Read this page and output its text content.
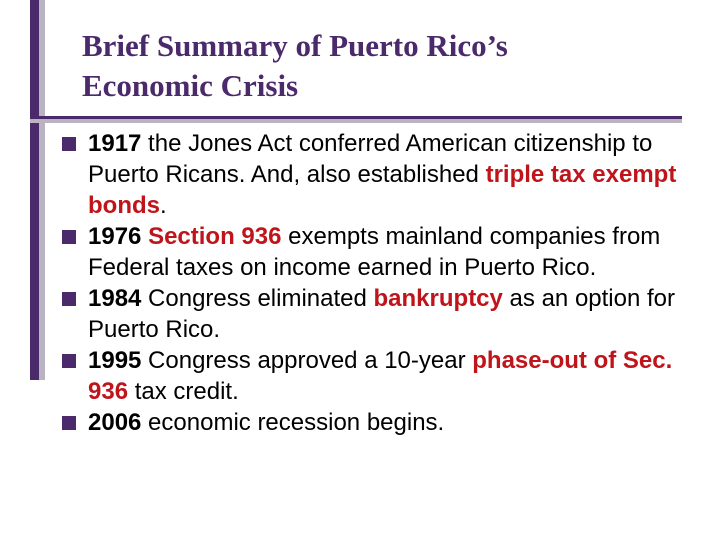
Brief Summary of Puerto Rico’s
Economic Crisis
1917 the Jones Act conferred American citizenship to Puerto Ricans. And, also established triple tax exempt bonds.
1976 Section 936 exempts mainland companies from Federal taxes on income earned in Puerto Rico.
1984 Congress eliminated bankruptcy as an option for Puerto Rico.
1995 Congress approved a 10-year phase-out of Sec. 936 tax credit.
2006 economic recession begins.
